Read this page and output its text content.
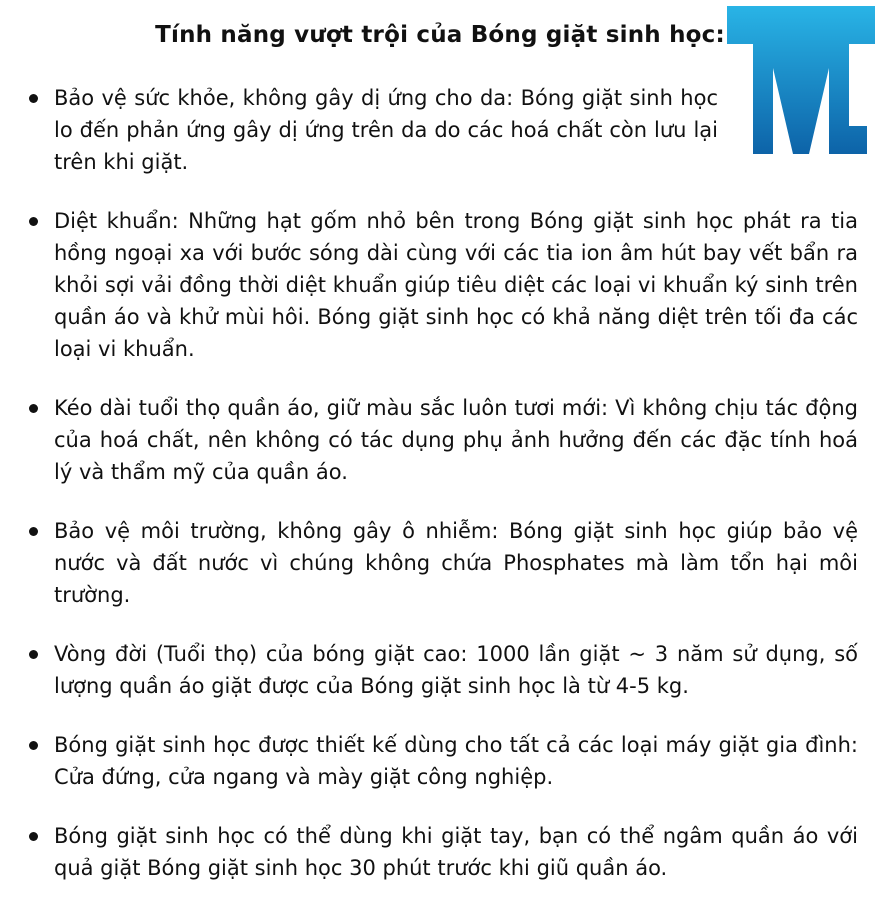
Tính năng vượt trội của Bóng giặt sinh học:
Bảo vệ sức khỏe, không gây dị ứng cho da: Bóng giặt sinh học lo đến phản ứng gây dị ứng trên da do các hoá chất còn lưu lại trên khi giặt.
Diệt khuẩn: Những hạt gốm nhỏ bên trong Bóng giặt sinh học phát ra tia hồng ngoại xa với bước sóng dài cùng với các tia ion âm hút bay vết bẩn ra khỏi sợi vải đồng thời diệt khuẩn giúp tiêu diệt các loại vi khuẩn ký sinh trên quần áo và khử mùi hôi. Bóng giặt sinh học có khả năng diệt trên tối đa các loại vi khuẩn.
Kéo dài tuổi thọ quần áo, giữ màu sắc luôn tươi mới: Vì không chịu tác động của hoá chất, nên không có tác dụng phụ ảnh hưởng đến các đặc tính hoá lý và thẩm mỹ của quần áo.
Bảo vệ môi trường, không gây ô nhiễm: Bóng giặt sinh học giúp bảo vệ nước và đất nước vì chúng không chứa Phosphates mà làm tổn hại môi trường.
Vòng đời (Tuổi thọ) của bóng giặt cao: 1000 lần giặt ~ 3 năm sử dụng, số lượng quần áo giặt được của Bóng giặt sinh học là từ 4-5 kg.
Bóng giặt sinh học được thiết kế dùng cho tất cả các loại máy giặt gia đình: Cửa đứng, cửa ngang và mày giặt công nghiệp.
Bóng giặt sinh học có thể dùng khi giặt tay, bạn có thể ngâm quần áo với quả giặt Bóng giặt sinh học 30 phút trước khi giũ quần áo.
